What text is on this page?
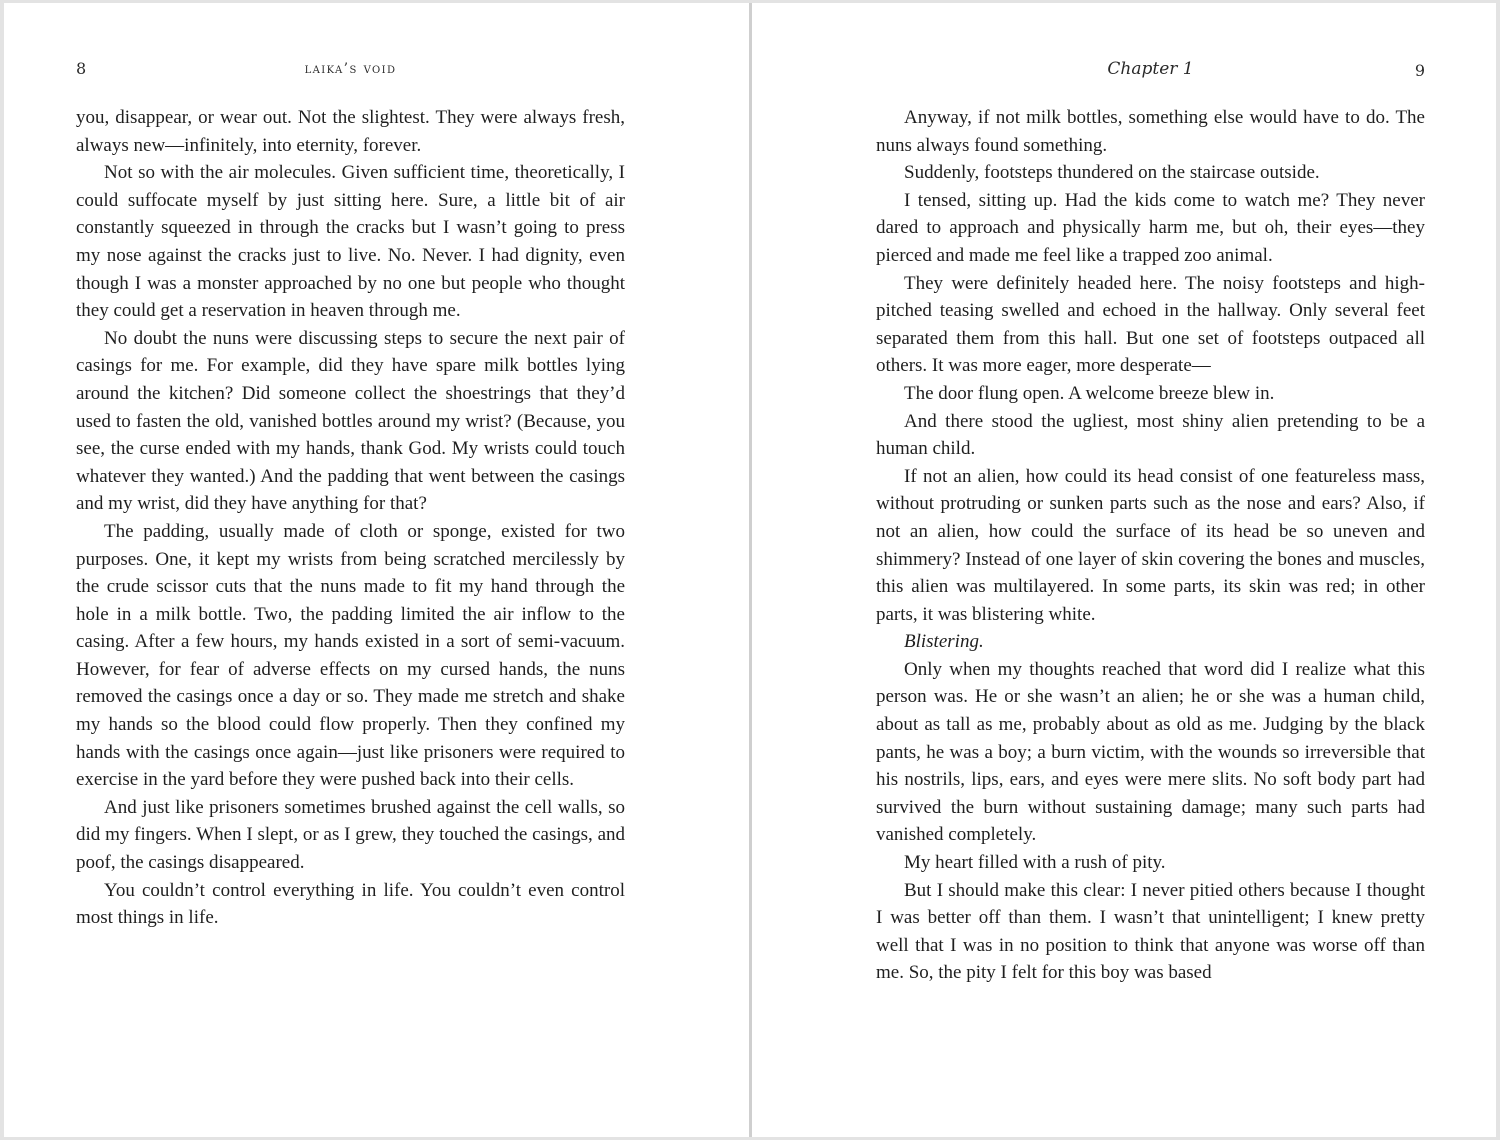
8	laika’s void

you, disappear, or wear out. Not the slightest. They were always fresh, always new—infinitely, into eternity, forever.

Not so with the air molecules. Given sufficient time, theoretically, I could suffocate myself by just sitting here. Sure, a little bit of air constantly squeezed in through the cracks but I wasn’t going to press my nose against the cracks just to live. No. Never. I had dignity, even though I was a monster approached by no one but people who thought they could get a reservation in heaven through me.

No doubt the nuns were discussing steps to secure the next pair of casings for me. For example, did they have spare milk bottles lying around the kitchen? Did someone collect the shoestrings that they’d used to fasten the old, vanished bottles around my wrist? (Because, you see, the curse ended with my hands, thank God. My wrists could touch whatever they wanted.) And the padding that went between the casings and my wrist, did they have anything for that?

The padding, usually made of cloth or sponge, existed for two purposes. One, it kept my wrists from being scratched mercilessly by the crude scissor cuts that the nuns made to fit my hand through the hole in a milk bottle. Two, the padding limited the air inflow to the casing. After a few hours, my hands existed in a sort of semi-vacuum. However, for fear of adverse effects on my cursed hands, the nuns removed the casings once a day or so. They made me stretch and shake my hands so the blood could flow properly. Then they confined my hands with the casings once again—just like prisoners were required to exercise in the yard before they were pushed back into their cells.

And just like prisoners sometimes brushed against the cell walls, so did my fingers. When I slept, or as I grew, they touched the casings, and poof, the casings disappeared.

You couldn’t control everything in life. You couldn’t even control most things in life.

Chapter 1	9

Anyway, if not milk bottles, something else would have to do. The nuns always found something.

Suddenly, footsteps thundered on the staircase outside.

I tensed, sitting up. Had the kids come to watch me? They never dared to approach and physically harm me, but oh, their eyes—they pierced and made me feel like a trapped zoo animal.

They were definitely headed here. The noisy footsteps and high-pitched teasing swelled and echoed in the hallway. Only several feet separated them from this hall. But one set of footsteps outpaced all others. It was more eager, more desperate—

The door flung open. A welcome breeze blew in.

And there stood the ugliest, most shiny alien pretending to be a human child.

If not an alien, how could its head consist of one featureless mass, without protruding or sunken parts such as the nose and ears? Also, if not an alien, how could the surface of its head be so uneven and shimmery? Instead of one layer of skin covering the bones and muscles, this alien was multilayered. In some parts, its skin was red; in other parts, it was blistering white.

Blistering.

Only when my thoughts reached that word did I realize what this person was. He or she wasn’t an alien; he or she was a human child, about as tall as me, probably about as old as me. Judging by the black pants, he was a boy; a burn victim, with the wounds so irreversible that his nostrils, lips, ears, and eyes were mere slits. No soft body part had survived the burn without sustaining damage; many such parts had vanished completely.

My heart filled with a rush of pity.

But I should make this clear: I never pitied others because I thought I was better off than them. I wasn’t that unintelligent; I knew pretty well that I was in no position to think that anyone was worse off than me. So, the pity I felt for this boy was based
